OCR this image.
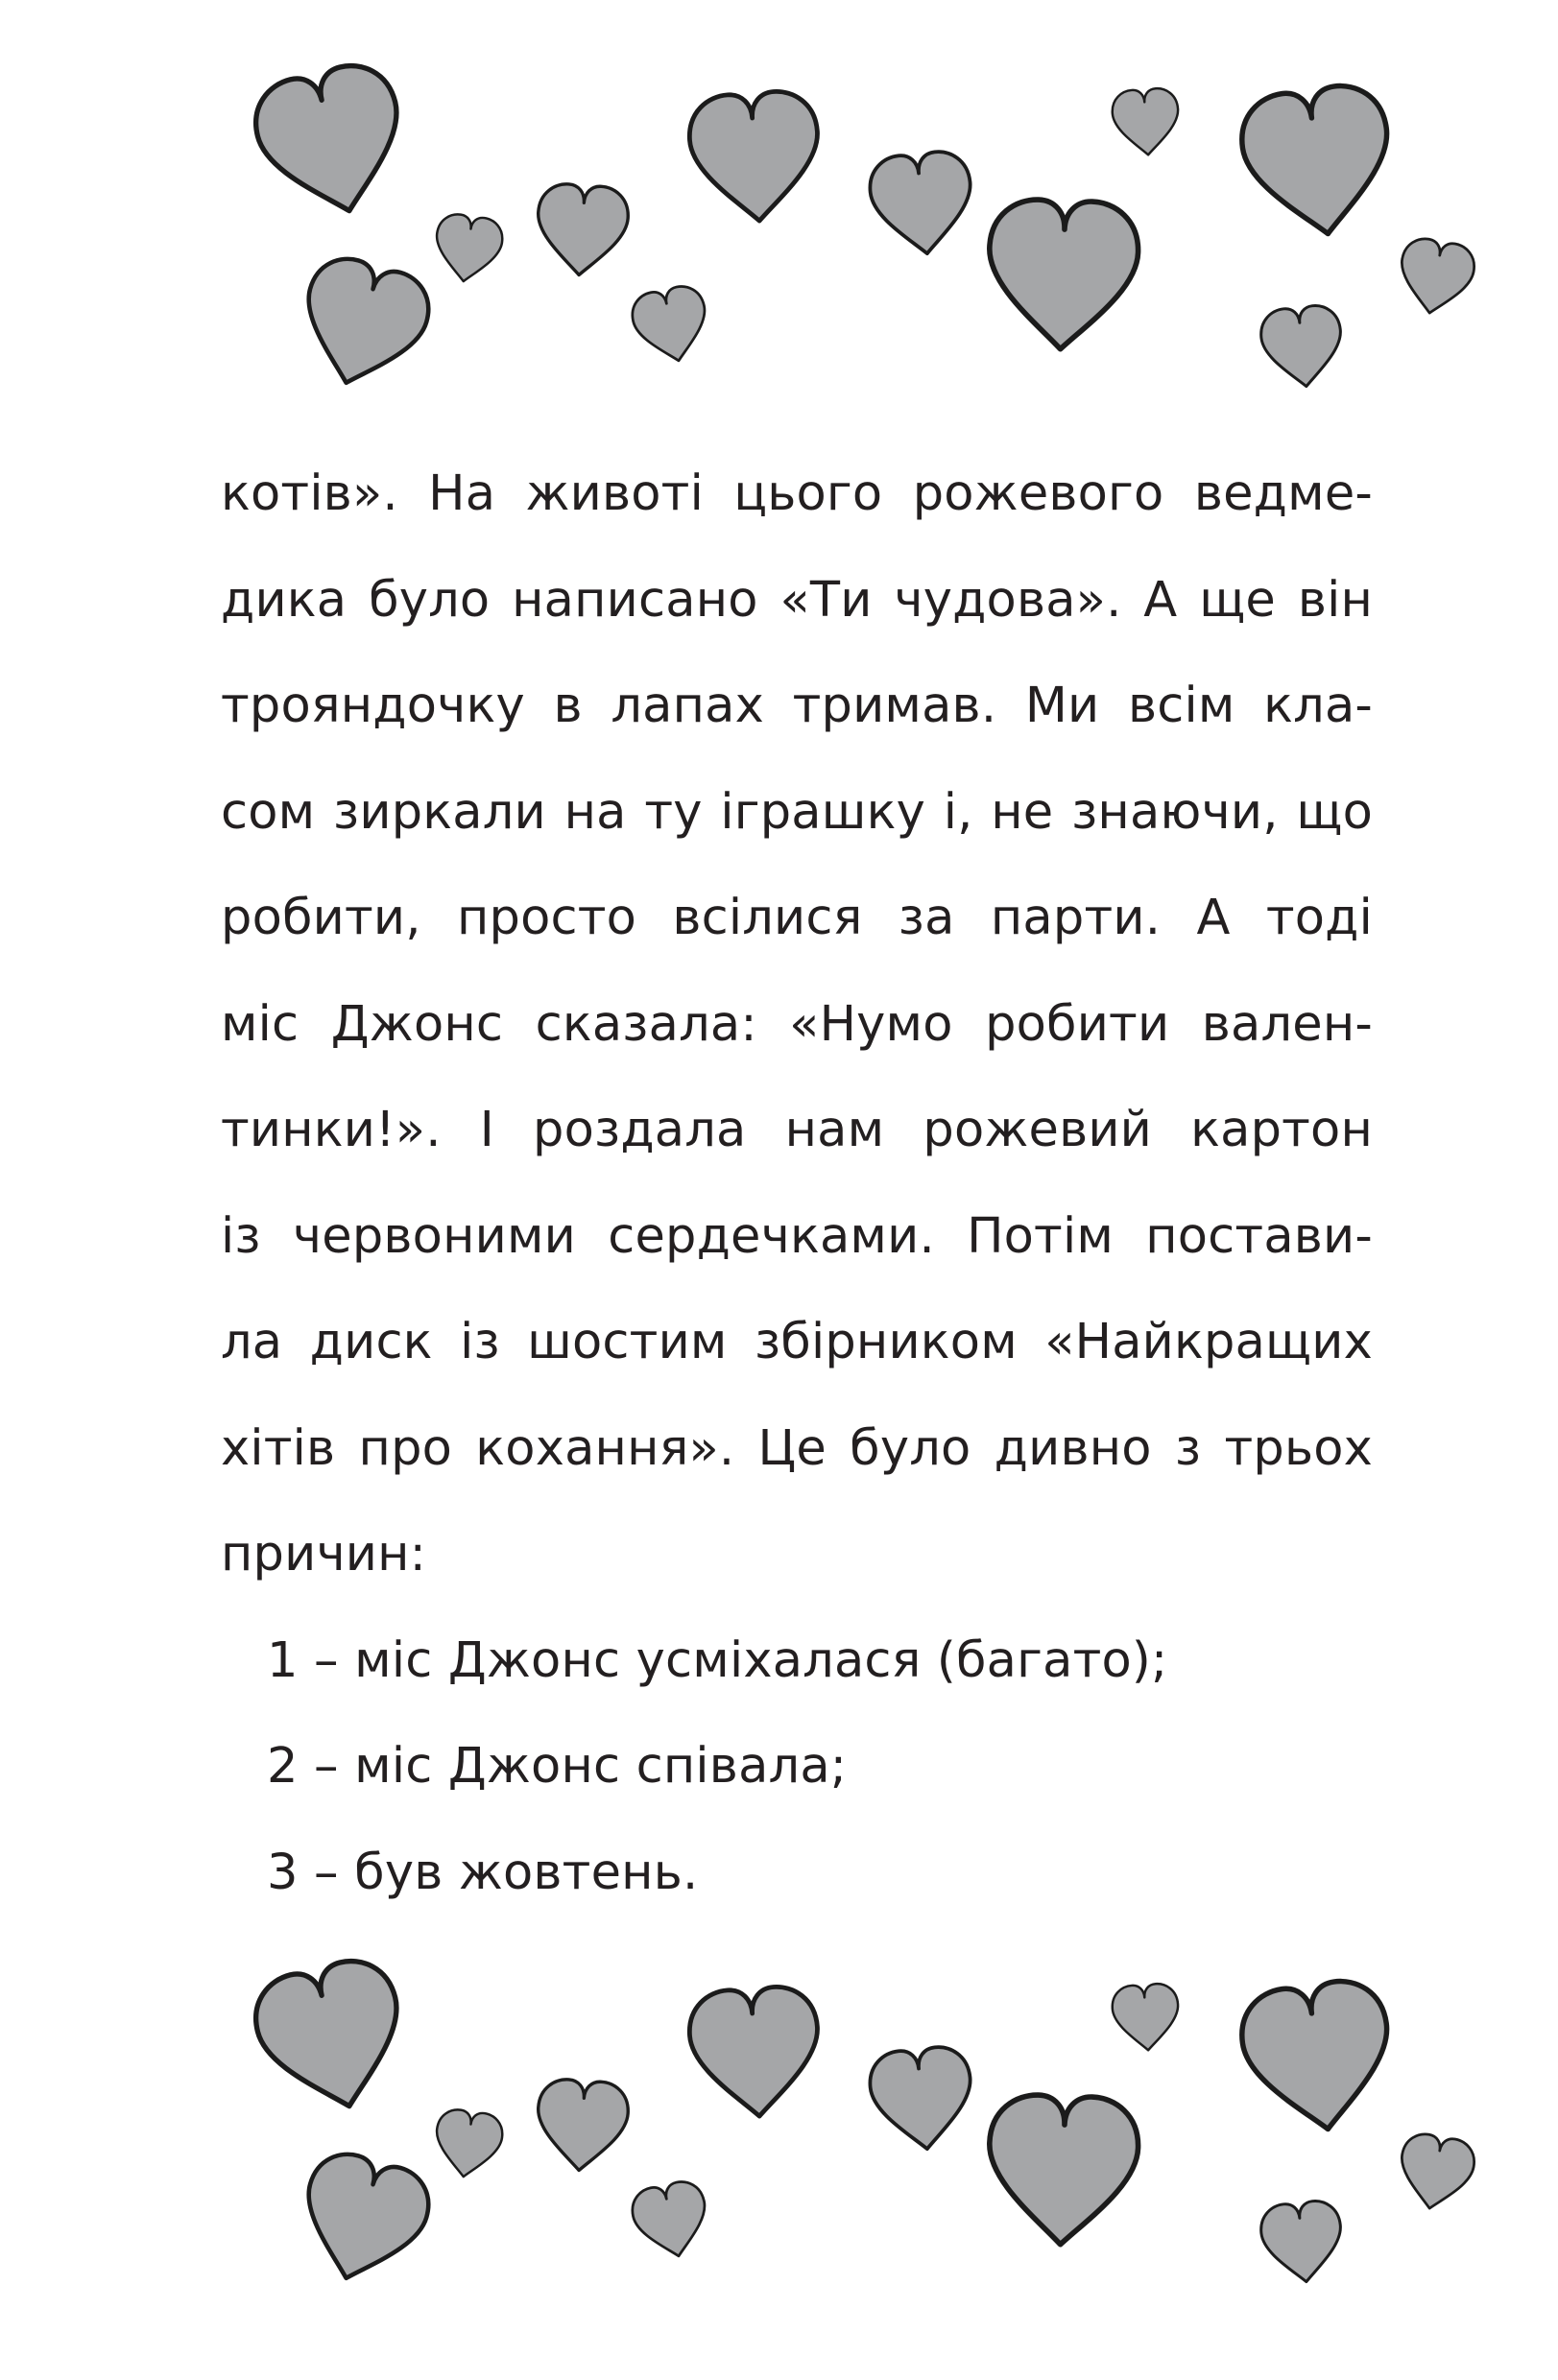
котів». На животі цього рожевого ведме-
дика було написано «Ти чудова». А ще він
трояндочку в лапах тримав. Ми всім кла-
сом зиркали на ту іграшку і, не знаючи, що
робити, просто всілися за парти. А тоді
міс Джонс сказала: «Нумо робити вален-
тинки!». І роздала нам рожевий картон
із червоними сердечками. Потім постави-
ла диск із шостим збірником «Найкращих
хітів про кохання». Це було дивно з трьох
причин:
1 – міс Джонс усміхалася (багато);
2 – міс Джонс співала;
3 – був жовтень.
